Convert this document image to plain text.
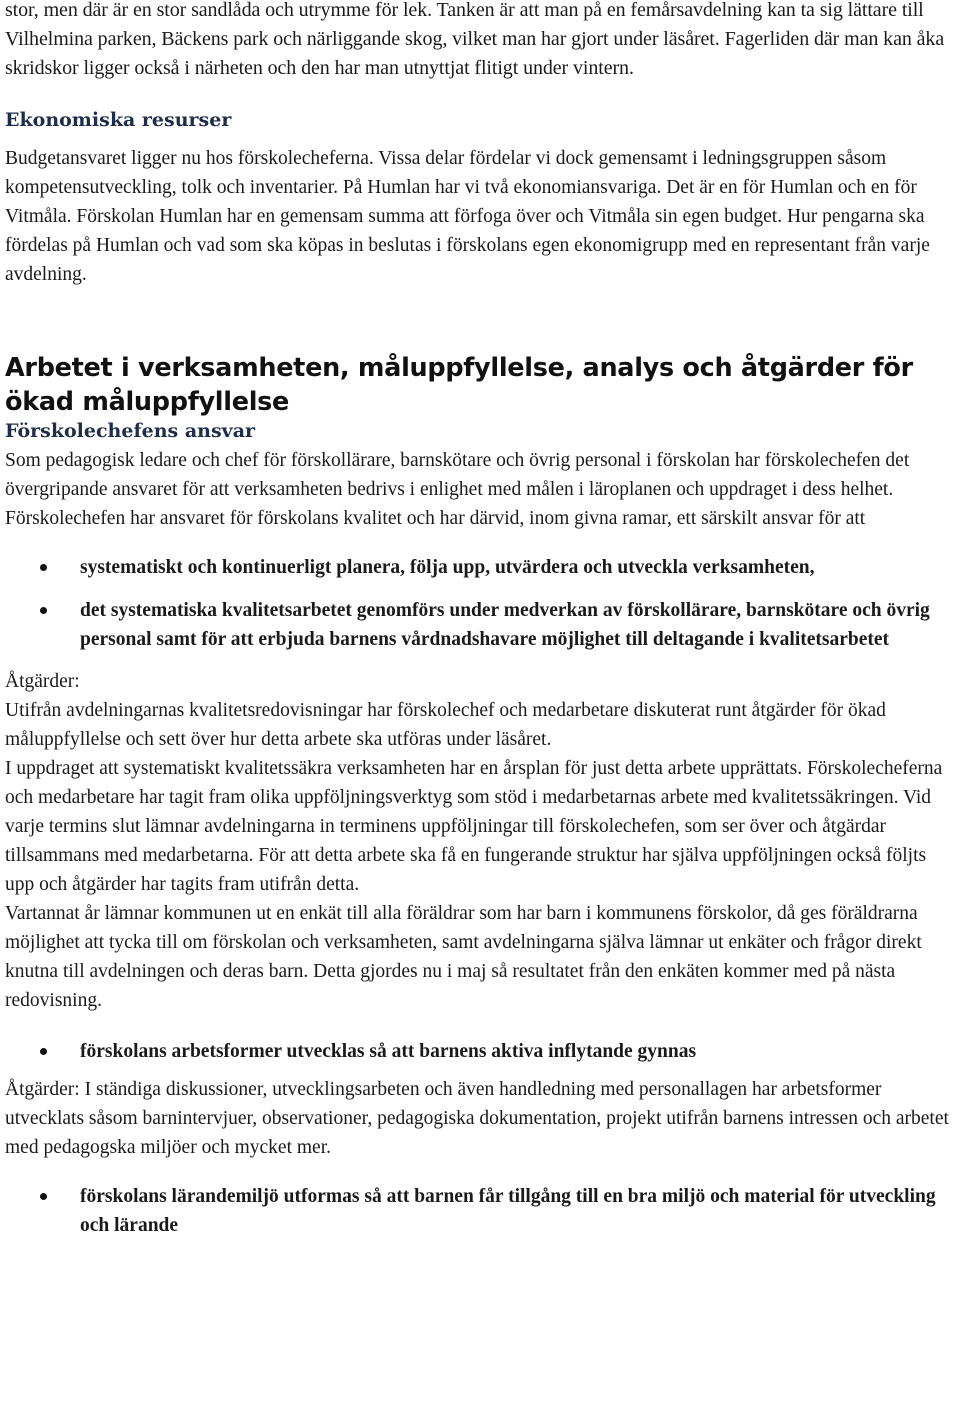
stor, men där är en stor sandlåda och utrymme för lek. Tanken är att man på en femårsavdelning kan ta sig lättare till Vilhelmina parken, Bäckens park och närliggande skog, vilket man har gjort under läsåret. Fagerliden där man kan åka skridskor ligger också i närheten och den har man utnyttjat flitigt under vintern.

Ekonomiska resurser

Budgetansvaret ligger nu hos förskolecheferna. Vissa delar fördelar vi dock gemensamt i ledningsgruppen såsom kompetensutveckling, tolk och inventarier. På Humlan har vi två ekonomiansvariga. Det är en för Humlan och en för Vitmåla. Förskolan Humlan har en gemensam summa att förfoga över och Vitmåla sin egen budget. Hur pengarna ska fördelas på Humlan och vad som ska köpas in beslutas i förskolans egen ekonomigrupp med en representant från varje avdelning.

Arbetet i verksamheten, måluppfyllelse, analys och åtgärder för ökad måluppfyllelse
Förskolechefens ansvar

Som pedagogisk ledare och chef för förskollärare, barnskötare och övrig personal i förskolan har förskolechefen det övergripande ansvaret för att verksamheten bedrivs i enlighet med målen i läroplanen och uppdraget i dess helhet. Förskolechefen har ansvaret för förskolans kvalitet och har därvid, inom givna ramar, ett särskilt ansvar för att

systematiskt och kontinuerligt planera, följa upp, utvärdera och utveckla verksamheten,
det systematiska kvalitetsarbetet genomförs under medverkan av förskollärare, barnskötare och övrig personal samt för att erbjuda barnens vårdnadshavare möjlighet till deltagande i kvalitetsarbetet

Åtgärder:

Utifrån avdelningarnas kvalitetsredovisningar har förskolechef och medarbetare diskuterat runt åtgärder för ökad måluppfyllelse och sett över hur detta arbete ska utföras under läsåret.

I uppdraget att systematiskt kvalitetssäkra verksamheten har en årsplan för just detta arbete upprättats. Förskolecheferna och medarbetare har tagit fram olika uppföljningsverktyg som stöd i medarbetarnas arbete med kvalitetssäkringen. Vid varje termins slut lämnar avdelningarna in terminens uppföljningar till förskolechefen, som ser över och åtgärdar tillsammans med medarbetarna. För att detta arbete ska få en fungerande struktur har själva uppföljningen också följts upp och åtgärder har tagits fram utifrån detta.

Vartannat år lämnar kommunen ut en enkät till alla föräldrar som har barn i kommunens förskolor, då ges föräldrarna möjlighet att tycka till om förskolan och verksamheten, samt avdelningarna själva lämnar ut enkäter och frågor direkt knutna till avdelningen och deras barn. Detta gjordes nu i maj så resultatet från den enkäten kommer med på nästa redovisning.

förskolans arbetsformer utvecklas så att barnens aktiva inflytande gynnas

Åtgärder: I ständiga diskussioner, utvecklingsarbeten och även handledning med personallagen har arbetsformer utvecklats såsom barnintervjuer, observationer, pedagogiska dokumentation, projekt utifrån barnens intressen och arbetet med pedagogska miljöer och mycket mer.

förskolans lärandemiljö utformas så att barnen får tillgång till en bra miljö och material för utveckling och lärande
